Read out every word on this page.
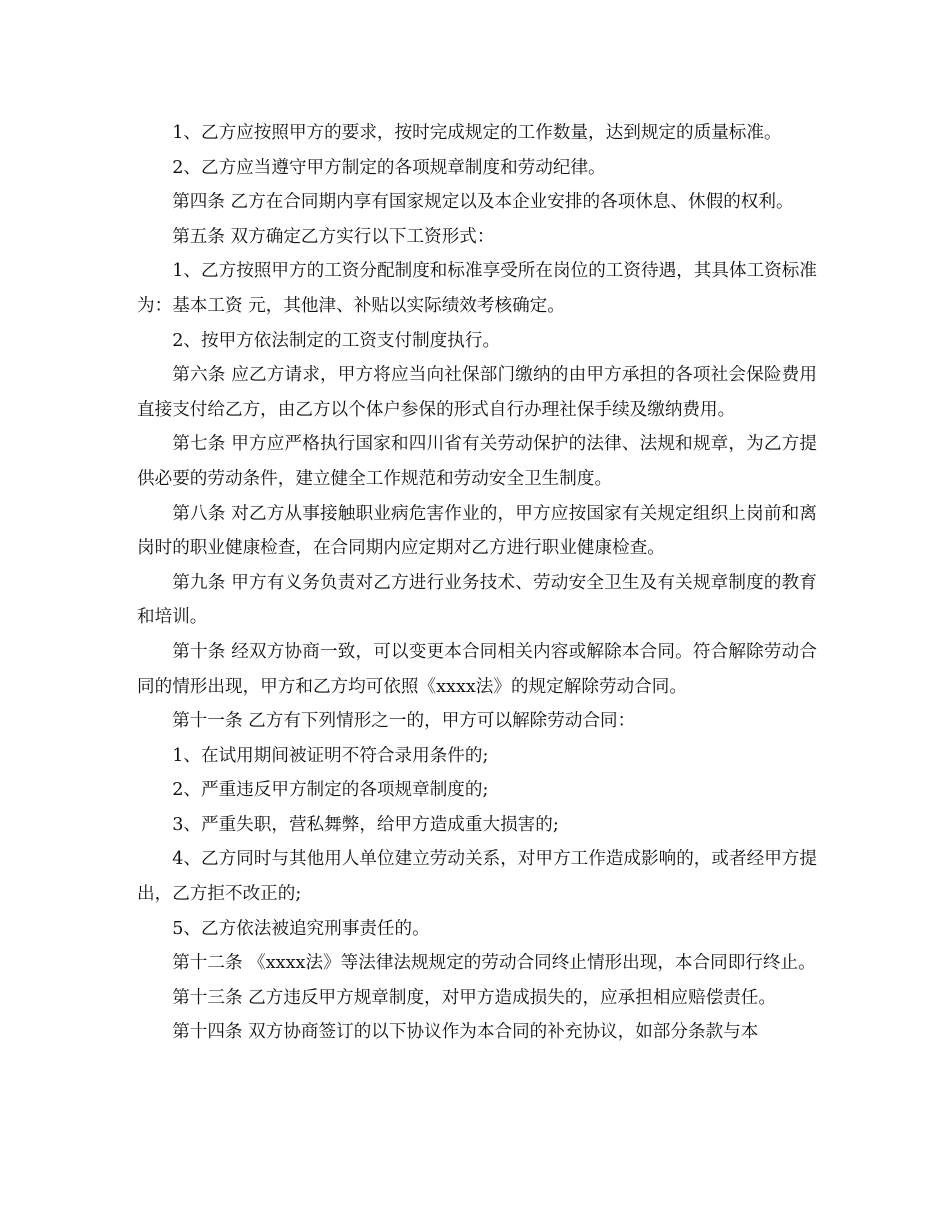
1、乙方应按照甲方的要求，按时完成规定的工作数量，达到规定的质量标准。

2、乙方应当遵守甲方制定的各项规章制度和劳动纪律。

第四条 乙方在合同期内享有国家规定以及本企业安排的各项休息、休假的权利。

第五条 双方确定乙方实行以下工资形式：

1、乙方按照甲方的工资分配制度和标准享受所在岗位的工资待遇，其具体工资标准为：基本工资 元，其他津、补贴以实际绩效考核确定。

2、按甲方依法制定的工资支付制度执行。

第六条 应乙方请求，甲方将应当向社保部门缴纳的由甲方承担的各项社会保险费用直接支付给乙方，由乙方以个体户参保的形式自行办理社保手续及缴纳费用。

第七条 甲方应严格执行国家和四川省有关劳动保护的法律、法规和规章，为乙方提供必要的劳动条件，建立健全工作规范和劳动安全卫生制度。

第八条 对乙方从事接触职业病危害作业的，甲方应按国家有关规定组织上岗前和离岗时的职业健康检查，在合同期内应定期对乙方进行职业健康检查。

第九条 甲方有义务负责对乙方进行业务技术、劳动安全卫生及有关规章制度的教育和培训。

第十条 经双方协商一致，可以变更本合同相关内容或解除本合同。符合解除劳动合同的情形出现，甲方和乙方均可依照《xxxx法》的规定解除劳动合同。

第十一条 乙方有下列情形之一的，甲方可以解除劳动合同：

1、在试用期间被证明不符合录用条件的;

2、严重违反甲方制定的各项规章制度的;

3、严重失职，营私舞弊，给甲方造成重大损害的;

4、乙方同时与其他用人单位建立劳动关系，对甲方工作造成影响的，或者经甲方提出，乙方拒不改正的;

5、乙方依法被追究刑事责任的。

第十二条 《xxxx法》等法律法规规定的劳动合同终止情形出现，本合同即行终止。

第十三条 乙方违反甲方规章制度，对甲方造成损失的，应承担相应赔偿责任。

第十四条 双方协商签订的以下协议作为本合同的补充协议，如部分条款与本
